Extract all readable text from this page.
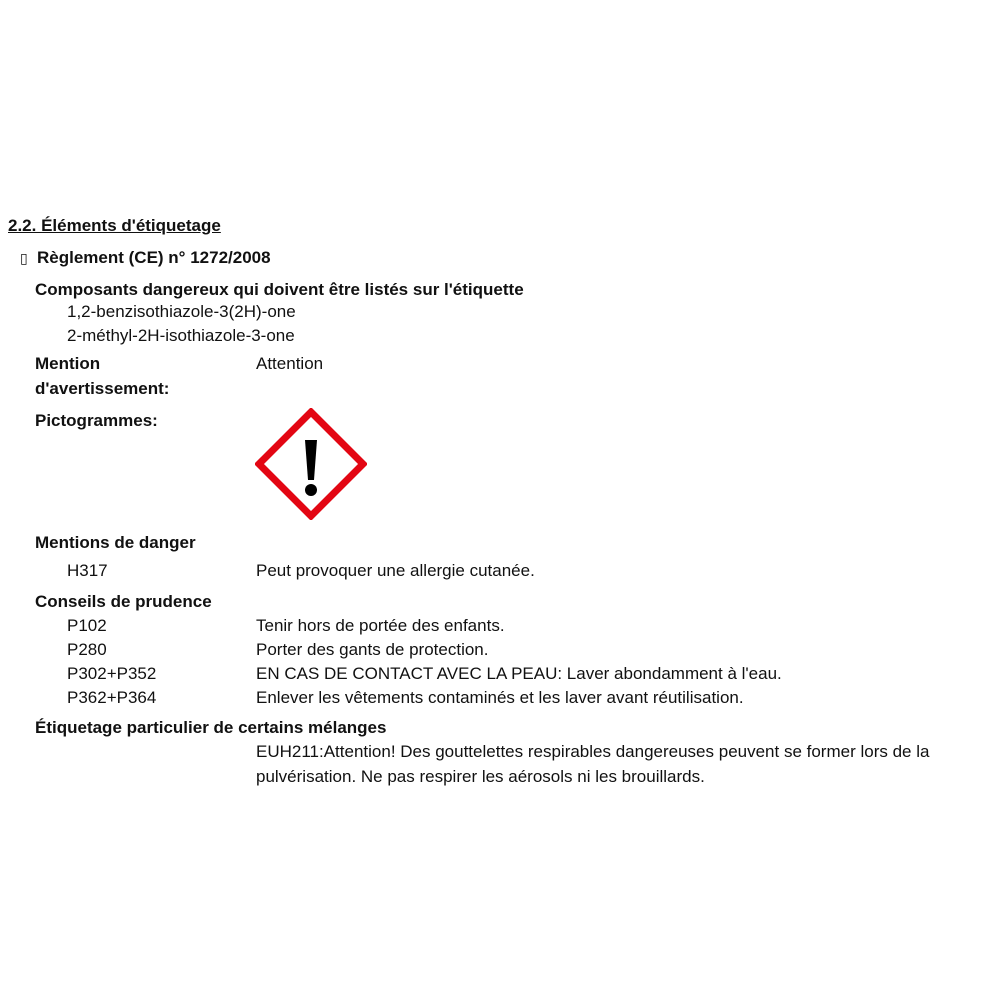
2.2. Éléments d'étiquetage
▯ Règlement (CE) n° 1272/2008
Composants dangereux qui doivent être listés sur l'étiquette
1,2-benzisothiazole-3(2H)-one
2-méthyl-2H-isothiazole-3-one
Mention
d'avertissement:
Attention
Pictogrammes:
Mentions de danger
H317	Peut provoquer une allergie cutanée.
Conseils de prudence
P102	Tenir hors de portée des enfants.
P280	Porter des gants de protection.
P302+P352	EN CAS DE CONTACT AVEC LA PEAU: Laver abondamment à l'eau.
P362+P364	Enlever les vêtements contaminés et les laver avant réutilisation.
Étiquetage particulier de certains mélanges
EUH211:Attention! Des gouttelettes respirables dangereuses peuvent se former lors de la pulvérisation. Ne pas respirer les aérosols ni les brouillards.
